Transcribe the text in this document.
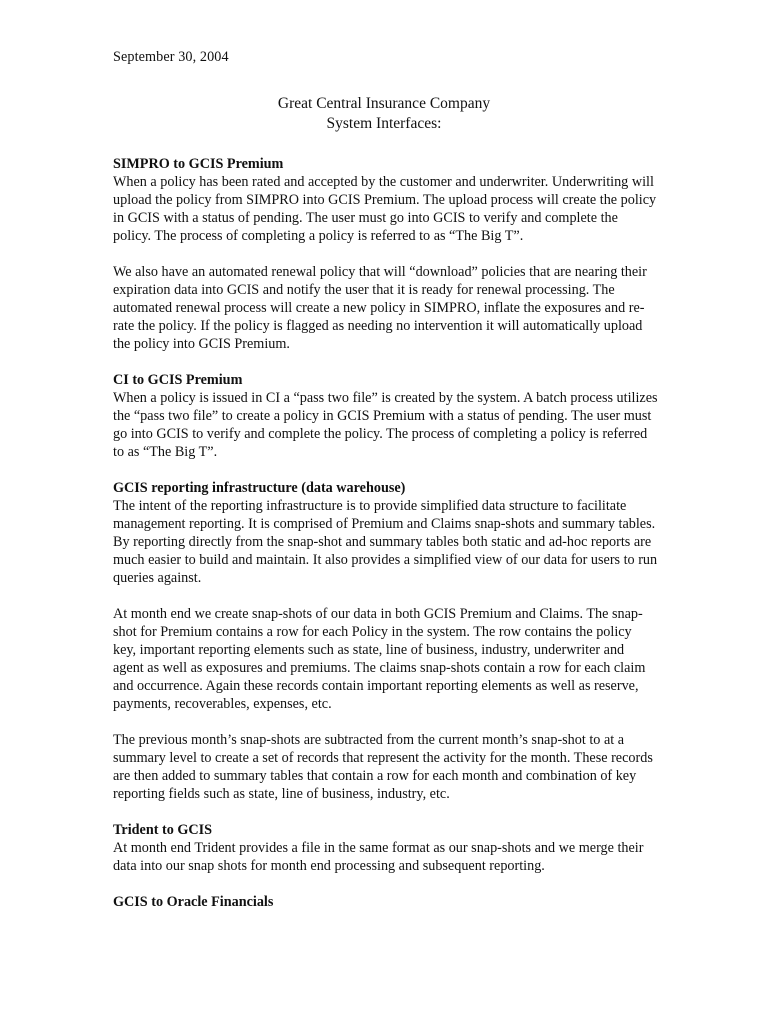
September 30, 2004

Great Central Insurance Company
System Interfaces:

SIMPRO to GCIS Premium

When a policy has been rated and accepted by the customer and underwriter. Underwriting will upload the policy from SIMPRO into GCIS Premium. The upload process will create the policy in GCIS with a status of pending. The user must go into GCIS to verify and complete the policy. The process of completing a policy is referred to as “The Big T”.

We also have an automated renewal policy that will “download” policies that are nearing their expiration data into GCIS and notify the user that it is ready for renewal processing. The automated renewal process will create a new policy in SIMPRO, inflate the exposures and re-rate the policy. If the policy is flagged as needing no intervention it will automatically upload the policy into GCIS Premium.

CI to GCIS Premium

When a policy is issued in CI a “pass two file” is created by the system. A batch process utilizes the “pass two file” to create a policy in GCIS Premium with a status of pending. The user must go into GCIS to verify and complete the policy. The process of completing a policy is referred to as “The Big T”.

GCIS reporting infrastructure (data warehouse)

The intent of the reporting infrastructure is to provide simplified data structure to facilitate management reporting. It is comprised of Premium and Claims snap-shots and summary tables. By reporting directly from the snap-shot and summary tables both static and ad-hoc reports are much easier to build and maintain. It also provides a simplified view of our data for users to run queries against.

At month end we create snap-shots of our data in both GCIS Premium and Claims. The snap-shot for Premium contains a row for each Policy in the system. The row contains the policy key, important reporting elements such as state, line of business, industry, underwriter and agent as well as exposures and premiums. The claims snap-shots contain a row for each claim and occurrence. Again these records contain important reporting elements as well as reserve, payments, recoverables, expenses, etc.

The previous month’s snap-shots are subtracted from the current month’s snap-shot to at a summary level to create a set of records that represent the activity for the month. These records are then added to summary tables that contain a row for each month and combination of key reporting fields such as state, line of business, industry, etc.

Trident to GCIS

At month end Trident provides a file in the same format as our snap-shots and we merge their data into our snap shots for month end processing and subsequent reporting.

GCIS to Oracle Financials
